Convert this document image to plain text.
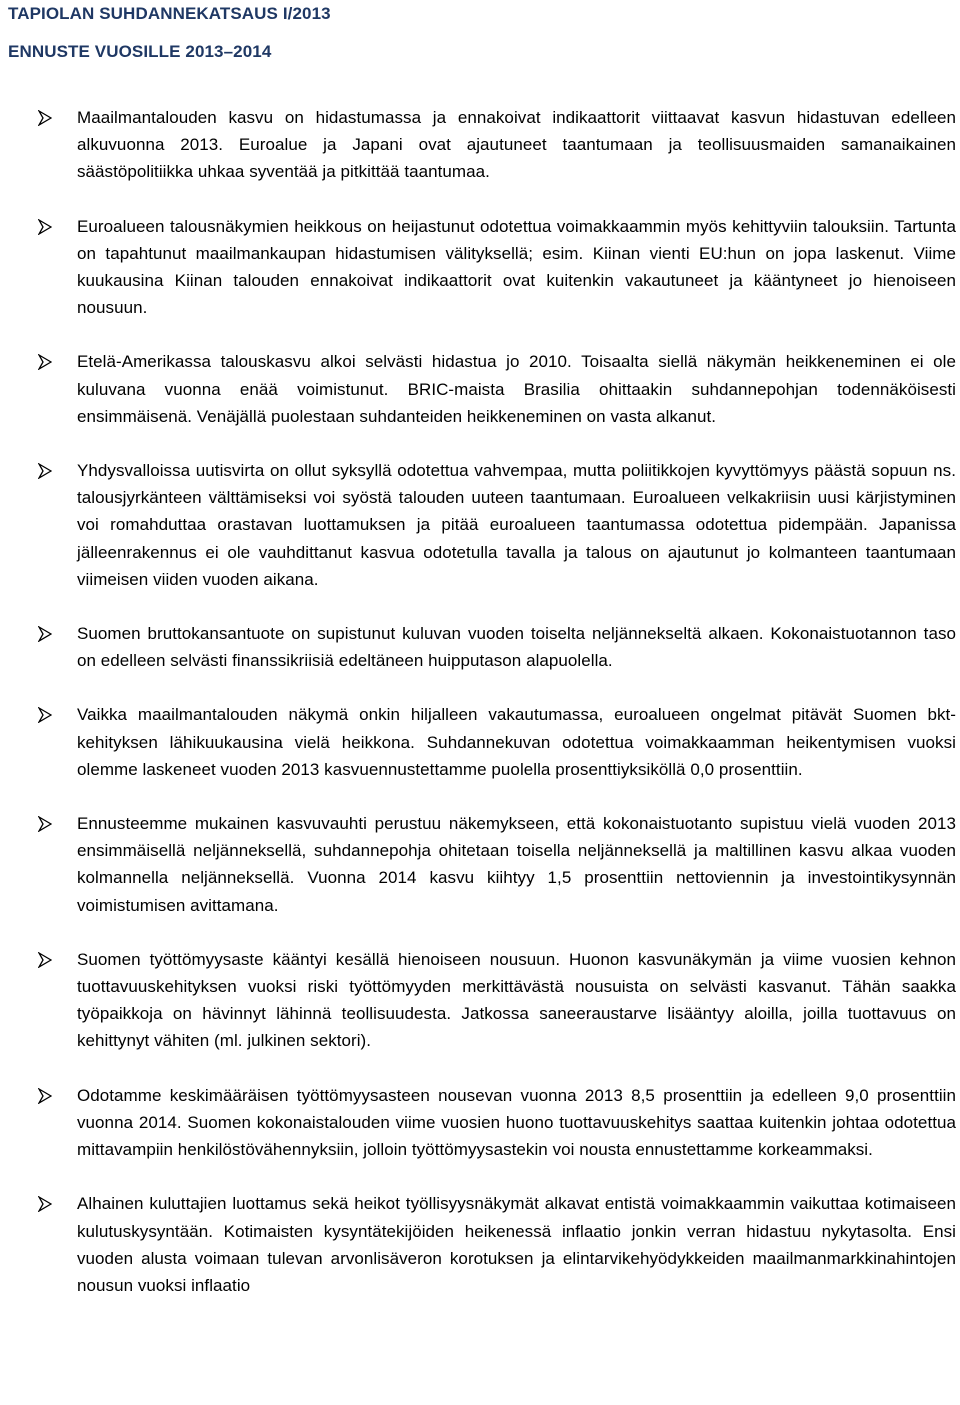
TAPIOLAN SUHDANNEKATSAUS I/2013
ENNUSTE VUOSILLE 2013–2014
Maailmantalouden kasvu on hidastumassa ja ennakoivat indikaattorit viittaavat kasvun hidastuvan edelleen alkuvuonna 2013. Euroalue ja Japani ovat ajautuneet taantumaan ja teollisuusmaiden samanaikainen säästöpolitiikka uhkaa syventää ja pitkittää taantumaa.
Euroalueen talousnäkymien heikkous on heijastunut odotettua voimakkaammin myös kehittyviin talouksiin. Tartunta on tapahtunut maailmankaupan hidastumisen välityksellä; esim. Kiinan vienti EU:hun on jopa laskenut. Viime kuukausina Kiinan talouden ennakoivat indikaattorit ovat kuitenkin vakautuneet ja kääntyneet jo hienoiseen nousuun.
Etelä-Amerikassa talouskasvu alkoi selvästi hidastua jo 2010. Toisaalta siellä näkymän heikkeneminen ei ole kuluvana vuonna enää voimistunut. BRIC-maista Brasilia ohittaakin suhdannepohjan todennäköisesti ensimmäisenä. Venäjällä puolestaan suhdanteiden heikkeneminen on vasta alkanut.
Yhdysvalloissa uutisvirta on ollut syksyllä odotettua vahvempaa, mutta poliitikkojen kyvyttömyys päästä sopuun ns. talousjyrkänteen välttämiseksi voi syöstä talouden uuteen taantumaan. Euroalueen velkakriisin uusi kärjistyminen voi romahduttaa orastavan luottamuksen ja pitää euroalueen taantumassa odotettua pidempään. Japanissa jälleenrakennus ei ole vauhdittanut kasvua odotetulla tavalla ja talous on ajautunut jo kolmanteen taantumaan viimeisen viiden vuoden aikana.
Suomen bruttokansantuote on supistunut kuluvan vuoden toiselta neljännekseltä alkaen. Kokonaistuotannon taso on edelleen selvästi finanssikriisiä edeltäneen huipputason alapuolella.
Vaikka maailmantalouden näkymä onkin hiljalleen vakautumassa, euroalueen ongelmat pitävät Suomen bkt-kehityksen lähikuukausina vielä heikkona. Suhdannekuvan odotettua voimakkaamman heikentymisen vuoksi olemme laskeneet vuoden 2013 kasvuennustettamme puolella prosenttiyksiköllä 0,0 prosenttiin.
Ennusteemme mukainen kasvuvauhti perustuu näkemykseen, että kokonaistuotanto supistuu vielä vuoden 2013 ensimmäisellä neljänneksellä, suhdannepohja ohitetaan toisella neljänneksellä ja maltillinen kasvu alkaa vuoden kolmannella neljänneksellä. Vuonna 2014 kasvu kiihtyy 1,5 prosenttiin nettoviennin ja investointikysynnän voimistumisen avittamana.
Suomen työttömyysaste kääntyi kesällä hienoiseen nousuun. Huonon kasvunäkymän ja viime vuosien kehnon tuottavuuskehityksen vuoksi riski työttömyyden merkittävästä nousuista on selvästi kasvanut. Tähän saakka työpaikkoja on hävinnyt lähinnä teollisuudesta. Jatkossa saneeraustarve lisääntyy aloilla, joilla tuottavuus on kehittynyt vähiten (ml. julkinen sektori).
Odotamme keskimääräisen työttömyysasteen nousevan vuonna 2013 8,5 prosenttiin ja edelleen 9,0 prosenttiin vuonna 2014. Suomen kokonaistalouden viime vuosien huono tuottavuuskehitys saattaa kuitenkin johtaa odotettua mittavampiin henkilöstövähennyksiin, jolloin työttömyysastekin voi nousta ennustettamme korkeammaksi.
Alhainen kuluttajien luottamus sekä heikot työllisyysnäkymät alkavat entistä voimakkaammin vaikuttaa kotimaiseen kulutuskysyntään. Kotimaisten kysyntätekijöiden heikenessä inflaatio jonkin verran hidastuu nykytasolta. Ensi vuoden alusta voimaan tulevan arvonlisäveron korotuksen ja elintarvikehyödykkeiden maailmanmarkkinahintojen nousun vuoksi inflaatio
